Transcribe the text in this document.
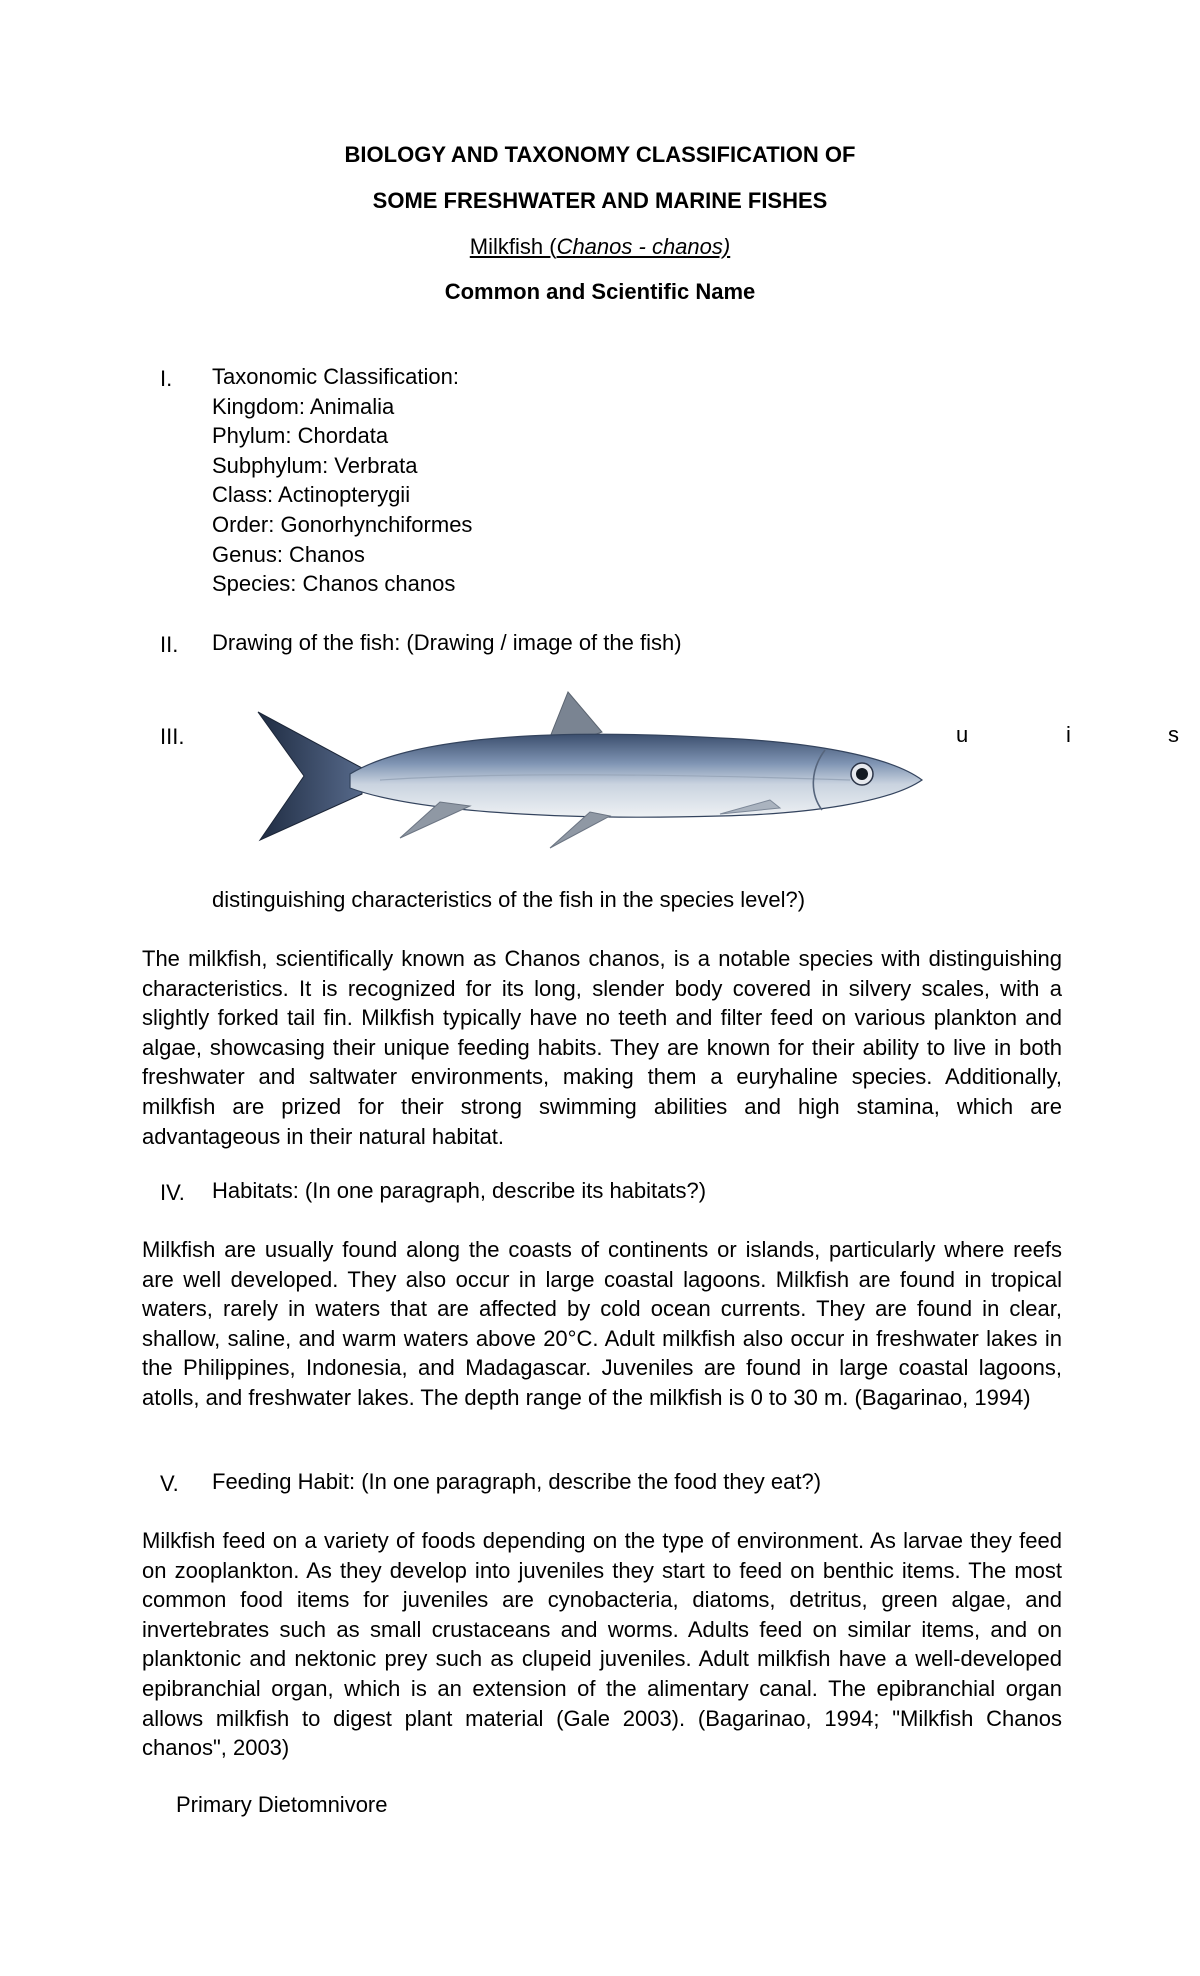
BIOLOGY AND TAXONOMY CLASSIFICATION OF
SOME FRESHWATER AND MARINE FISHES
Milkfish (Chanos - chanos)
Common and Scientific Name
I.	Taxonomic Classification:
Kingdom: Animalia
Phylum: Chordata
Subphylum: Verbrata
Class: Actinopterygii
Order: Gonorhynchiformes
Genus: Chanos
Species: Chanos chanos
II.	Drawing of the fish: (Drawing / image of the fish)
III.	u	i	s
distinguishing characteristics of the fish in the species level?)
The milkfish, scientifically known as Chanos chanos, is a notable species with distinguishing characteristics. It is recognized for its long, slender body covered in silvery scales, with a slightly forked tail fin. Milkfish typically have no teeth and filter feed on various plankton and algae, showcasing their unique feeding habits. They are known for their ability to live in both freshwater and saltwater environments, making them a euryhaline species. Additionally, milkfish are prized for their strong swimming abilities and high stamina, which are advantageous in their natural habitat.
IV.	Habitats: (In one paragraph, describe its habitats?)
Milkfish are usually found along the coasts of continents or islands, particularly where reefs are well developed. They also occur in large coastal lagoons. Milkfish are found in tropical waters, rarely in waters that are affected by cold ocean currents. They are found in clear, shallow, saline, and warm waters above 20°C. Adult milkfish also occur in freshwater lakes in the Philippines, Indonesia, and Madagascar. Juveniles are found in large coastal lagoons, atolls, and freshwater lakes. The depth range of the milkfish is 0 to 30 m. (Bagarinao, 1994)
V.	Feeding Habit: (In one paragraph, describe the food they eat?)
Milkfish feed on a variety of foods depending on the type of environment. As larvae they feed on zooplankton. As they develop into juveniles they start to feed on benthic items. The most common food items for juveniles are cynobacteria, diatoms, detritus, green algae, and invertebrates such as small crustaceans and worms. Adults feed on similar items, and on planktonic and nektonic prey such as clupeid juveniles. Adult milkfish have a well-developed epibranchial organ, which is an extension of the alimentary canal. The epibranchial organ allows milkfish to digest plant material (Gale 2003). (Bagarinao, 1994; "Milkfish Chanos chanos", 2003)
Primary Dietomnivore
